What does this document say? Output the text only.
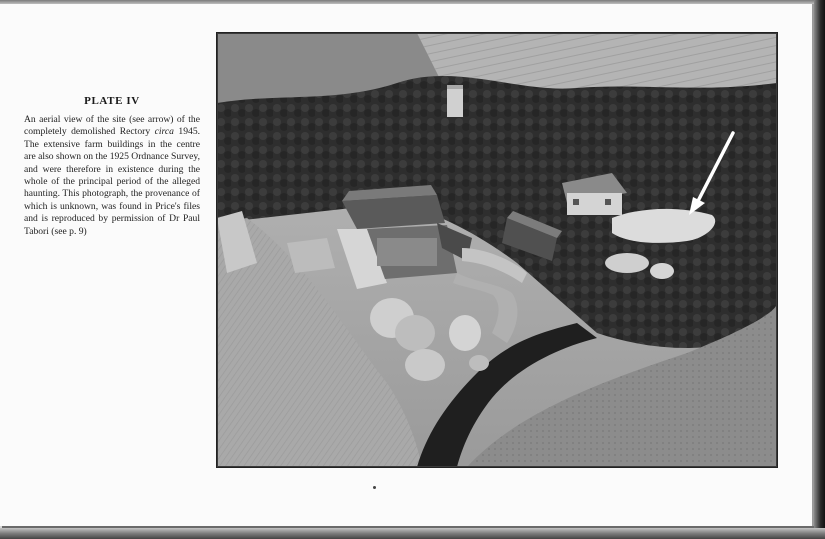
PLATE IV
An aerial view of the site (see arrow) of the completely demolished Rectory circa 1945. The extensive farm buildings in the centre are also shown on the 1925 Ordnance Survey, and were therefore in existence during the whole of the principal period of the alleged haunting. This photograph, the provenance of which is unknown, was found in Price's files and is reproduced by permission of Dr Paul Tabori (see p. 9)
